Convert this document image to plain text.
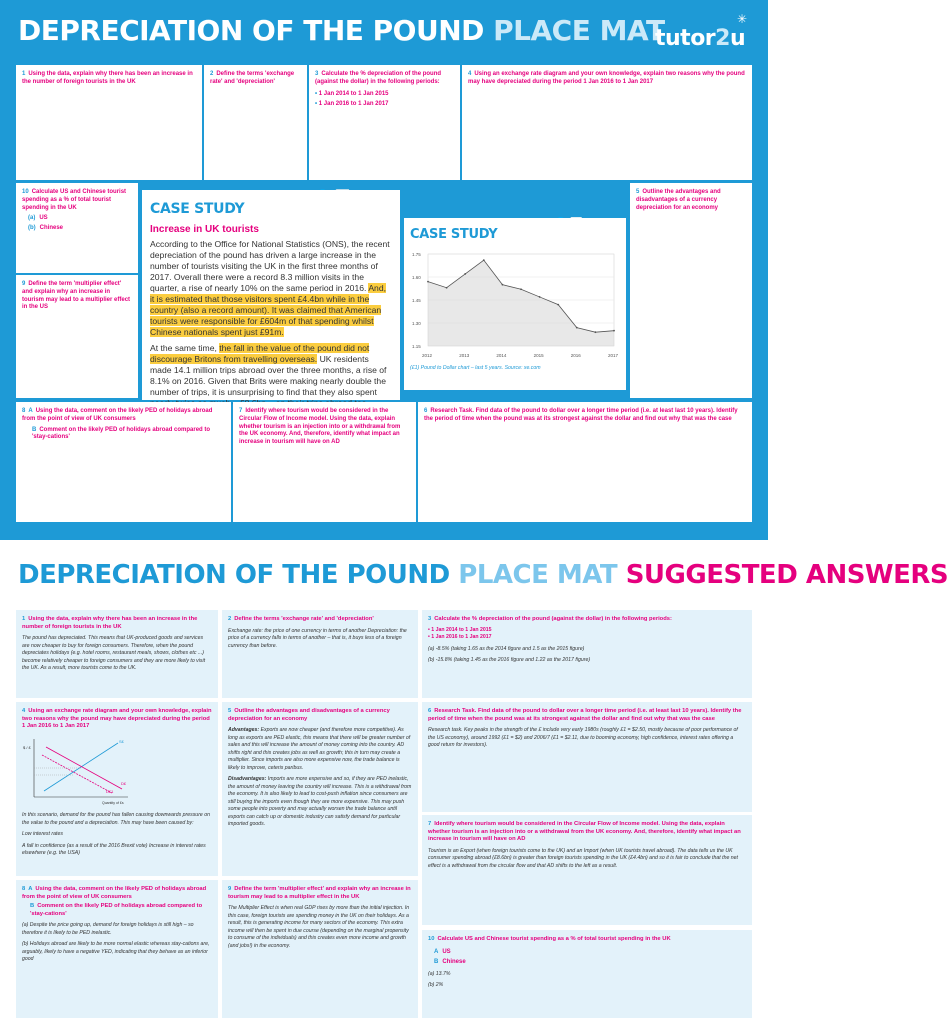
DEPRECIATION OF THE POUND PLACE MAT
tutor2u
✳
1 Using the data, explain why there has been an increase in the number of foreign tourists in the UK
2 Define the terms 'exchange rate' and 'depreciation'
3 Calculate the % depreciation of the pound (against the dollar) in the following periods:
• 1 Jan 2014 to 1 Jan 2015
• 1 Jan 2016 to 1 Jan 2017
4 Using an exchange rate diagram and your own knowledge, explain two reasons why the pound may have depreciated during the period 1 Jan 2016 to 1 Jan 2017
10 Calculate US and Chinese tourist spending as a % of total tourist spending in the UK
(a) US
(b) Chinese
9 Define the term 'multiplier effect' and explain why an increase in tourism may lead to a multiplier effect in the US
CASE STUDY
Increase in UK tourists
According to the Office for National Statistics (ONS), the recent depreciation of the pound has driven a large increase in the number of tourists visiting the UK in the first three months of 2017. Overall there were a record 8.3 million visits in the quarter, a rise of nearly 10% on the same period in 2016. And, it is estimated that those visitors spent £4.4bn while in the country (also a record amount). It was claimed that American tourists were responsible for £604m of that spending whilst Chinese nationals spent just £91m.
At the same time, the fall in the value of the pound did not discourage Britons from travelling overseas. UK residents made 14.1 million trips abroad over the three months, a rise of 8.1% on 2016. Given that Brits were making nearly double the number of trips, it is unsurprising to find that they also spent
CASE STUDY
1.75
1.60
1.45
1.30
1.15
2012	2013	2014	2015	2016	2017
(£1) Pound to Dollar chart – last 5 years. Source: xe.com
5 Outline the advantages and disadvantages of a currency depreciation for an economy
8 A Using the data, comment on the likely PED of holidays abroad from the point of view of UK consumers
B Comment on the likely PED of holidays abroad compared to 'stay-cations'
7 Identify where tourism would be considered in the Circular Flow of Income model. Using the data, explain whether tourism is an injection into or a withdrawal from the UK economy. And, therefore, identify what impact an increase in tourism will have on AD
6 Research Task. Find data of the pound to dollar over a longer time period (i.e. at least last 10 years). Identify the period of time when the pound was at its strongest against the dollar and find out why that was the case
DEPRECIATION OF THE POUND PLACE MAT SUGGESTED ANSWERS
1 Using the data, explain why there has been an increase in the number of foreign tourists in the UK

The pound has depreciated. This means that UK-produced goods and services are now cheaper to buy for foreign consumers. Therefore, when the pound depreciates holidays (e.g. hotel rooms, restaurant meals, shows, clothes etc ...) become relatively cheaper to foreign consumers and they are more likely to visit the UK. As a result, more tourists come to the UK.

4 Using an exchange rate diagram and your own knowledge, explain two reasons why the pound may have depreciated during the period 1 Jan 2016 to 1 Jan 2017
$ / £
Quantity of £s
S£
D£
D£1

In this scenario, demand for the pound has fallen causing downwards pressure on the value to the pound and a depreciation. This may have been caused by:

Low interest rates

A fall in confidence (as a result of the 2016 Brexit vote) Increase in interest rates elsewhere (e.g. the USA)

8 A Using the data, comment on the likely PED of holidays abroad from the point of view of UK consumers
B Comment on the likely PED of holidays abroad compared to 'stay-cations'

(a) Despite the price going up, demand for foreign holidays is still high – so therefore it is likely to be PED inelastic.

(b) Holidays abroad are likely to be more normal elastic whereas stay-cations are, arguably, likely to have a negative YED, indicating that they behave as an inferior good

2 Define the terms 'exchange rate' and 'depreciation'

Exchange rate: the price of one currency in terms of another Depreciation: the price of a currency falls in terms of another – that is, it buys less of a foreign currency than before.

5 Outline the advantages and disadvantages of a currency depreciation for an economy

Advantages: Exports are now cheaper (and therefore more competitive). As long as exports are PED elastic, this means that there will be greater number of sales and this will increase the amount of money coming into the country. AD shifts right and this creates jobs as well as growth; this in turn may create a multiplier. Since imports are also more expensive now, the trade balance is likely to improve, ceteris paribus.

Disadvantages: Imports are more expensive and so, if they are PED inelastic, the amount of money leaving the country will increase. This is a withdrawal from the economy. It is also likely to lead to cost-push inflation since consumers are still buying the imports even though they are more expensive. This may push some people into poverty and may actually worsen the trade balance until exports can catch up or domestic industry can satisfy demand for particular imported goods.

9 Define the term 'multiplier effect' and explain why an increase in tourism may lead to a multiplier effect in the UK

The Multiplier Effect is when real GDP rises by more than the initial injection. In this case, foreign tourists are spending money in the UK on their holidays. As a result, this is generating income for many sectors of the economy. This extra income will then be spent in due course (depending on the marginal propensity to consume of the individuals) and this creates even more income and growth (and jobs!) in the economy.

3 Calculate the % depreciation of the pound (against the dollar) in the following periods:
• 1 Jan 2014 to 1 Jan 2015
• 1 Jan 2016 to 1 Jan 2017

(a) -8.5% (taking 1.65 as the 2014 figure and 1.5 as the 2015 figure)

(b) -15.8% (taking 1.45 as the 2016 figure and 1.22 as the 2017 figure)

6 Research Task. Find data of the pound to dollar over a longer time period (i.e. at least last 10 years). Identify the period of time when the pound was at its strongest against the dollar and find out why that was the case

Research task. Key peaks in the strength of the £ include very early 1980s (roughly £1 = $2.50, mostly because of poor performance of the US economy), around 1992 (£1 = $2) and 2006/7 (£1 = $2.11, due to booming economy, high confidence, interest rates offering a good return for investors).

7 Identify where tourism would be considered in the Circular Flow of Income model. Using the data, explain whether tourism is an injection into or a withdrawal from the UK economy. And, therefore, identify what impact an increase in tourism will have on AD

Tourism is an Export (when foreign tourists come to the UK) and an Import (when UK tourists travel abroad). The data tells us the UK consumer spending abroad (£8.6bn) is greater than foreign tourists spending in the UK (£4.4bn) and so it is fair to conclude that the net effect is a withdrawal from the circular flow and that AD shifts to the left as a result.

10 Calculate US and Chinese tourist spending as a % of total tourist spending in the UK
A US
B Chinese

(a) 13.7%

(b) 2%
